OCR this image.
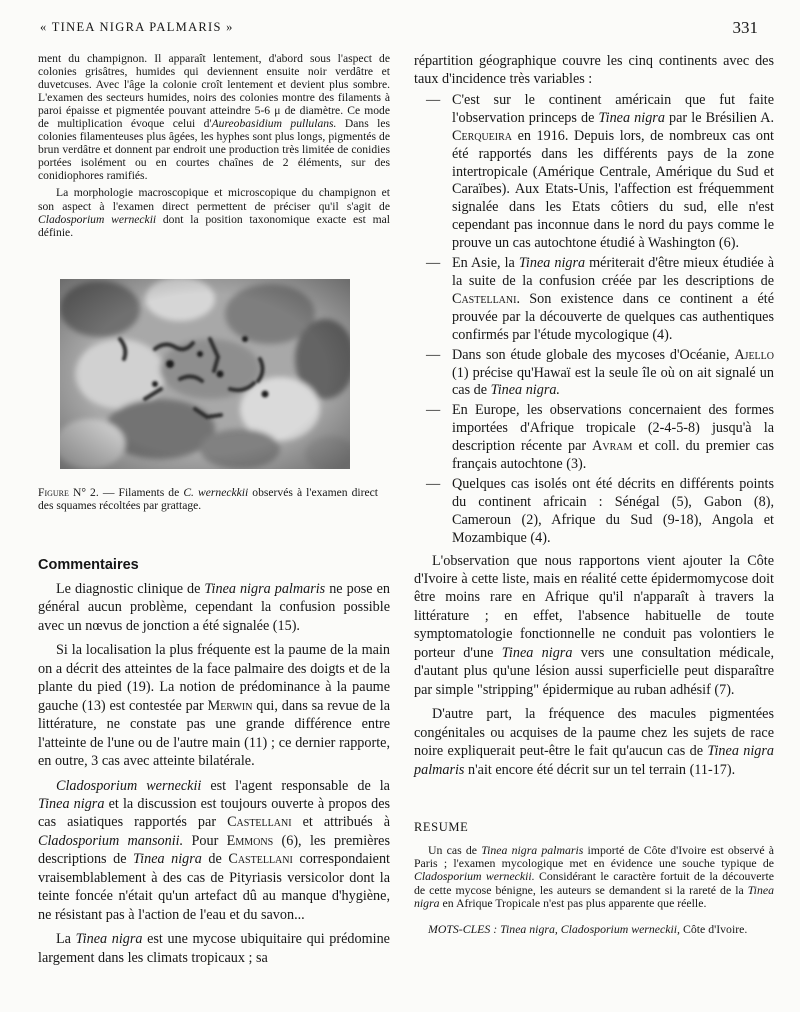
« TINEA NIGRA PALMARIS »	331

ment du champignon. Il apparaît lentement, d'abord sous l'aspect de colonies grisâtres, humides qui deviennent ensuite noir verdâtre et duvetcuses. Avec l'âge la colonie croît lentement et devient plus sombre. L'examen des secteurs humides, noirs des colonies montre des filaments à paroi épaisse et pigmentée pouvant atteindre 5-6 μ de diamètre. Ce mode de multiplication évoque celui d'Aureobasidium pullulans. Dans les colonies filamenteuses plus âgées, les hyphes sont plus longs, pigmentés de brun verdâtre et donnent par endroit une production très limitée de conidies portées isolément ou en courtes chaînes de 2 éléments, sur des conidiophores ramifiés.

La morphologie macroscopique et microscopique du champignon et son aspect à l'examen direct permettent de préciser qu'il s'agit de Cladosporium werneckii dont la position taxonomique exacte est mal définie.

Figure N° 2. — Filaments de C. werneckkii observés à l'examen direct des squames récoltées par grattage.

Commentaires

Le diagnostic clinique de Tinea nigra palmaris ne pose en général aucun problème, cependant la confusion possible avec un nœvus de jonction a été signalée (15).

Si la localisation la plus fréquente est la paume de la main on a décrit des atteintes de la face palmaire des doigts et de la plante du pied (19). La notion de prédominance à la paume gauche (13) est contestée par Merwin qui, dans sa revue de la littérature, ne constate pas une grande différence entre l'atteinte de l'une ou de l'autre main (11) ; ce dernier rapporte, en outre, 3 cas avec atteinte bilatérale.

Cladosporium werneckii est l'agent responsable de la Tinea nigra et la discussion est toujours ouverte à propos des cas asiatiques rapportés par Castellani et attribués à Cladosporium mansonii. Pour Emmons (6), les premières descriptions de Tinea nigra de Castellani correspondaient vraisemblablement à des cas de Pityriasis versicolor dont la teinte foncée n'était qu'un artefact dû au manque d'hygiène, ne résistant pas à l'action de l'eau et du savon...

La Tinea nigra est une mycose ubiquitaire qui prédomine largement dans les climats tropicaux ; sa

répartition géographique couvre les cinq continents avec des taux d'incidence très variables :

— C'est sur le continent américain que fut faite l'observation princeps de Tinea nigra par le Brésilien A. Cerqueira en 1916. Depuis lors, de nombreux cas ont été rapportés dans les différents pays de la zone intertropicale (Amérique Centrale, Amérique du Sud et Caraïbes). Aux Etats-Unis, l'affection est fréquemment signalée dans les Etats côtiers du sud, elle n'est cependant pas inconnue dans le nord du pays comme le prouve un cas autochtone étudié à Washington (6).
— En Asie, la Tinea nigra mériterait d'être mieux étudiée à la suite de la confusion créée par les descriptions de Castellani. Son existence dans ce continent a été prouvée par la découverte de quelques cas authentiques confirmés par l'étude mycologique (4).
— Dans son étude globale des mycoses d'Océanie, Ajello (1) précise qu'Hawaï est la seule île où on ait signalé un cas de Tinea nigra.
— En Europe, les observations concernaient des formes importées d'Afrique tropicale (2-4-5-8) jusqu'à la description récente par Avram et coll. du premier cas français autochtone (3).
— Quelques cas isolés ont été décrits en différents points du continent africain : Sénégal (5), Gabon (8), Cameroun (2), Afrique du Sud (9-18), Angola et Mozambique (4).

L'observation que nous rapportons vient ajouter la Côte d'Ivoire à cette liste, mais en réalité cette épidermomycose doit être moins rare en Afrique qu'il n'apparaît à travers la littérature ; en effet, l'absence habituelle de toute symptomatologie fonctionnelle ne conduit pas volontiers le porteur d'une Tinea nigra vers une consultation médicale, d'autant plus qu'une lésion aussi superficielle peut disparaître par simple "stripping" épidermique au ruban adhésif (7).

D'autre part, la fréquence des macules pigmentées congénitales ou acquises de la paume chez les sujets de race noire expliquerait peut-être le fait qu'aucun cas de Tinea nigra palmaris n'ait encore été décrit sur un tel terrain (11-17).

RESUME

Un cas de Tinea nigra palmaris importé de Côte d'Ivoire est observé à Paris ; l'examen mycologique met en évidence une souche typique de Cladosporium werneckii. Considérant le caractère fortuit de la découverte de cette mycose bénigne, les auteurs se demandent si la rareté de la Tinea nigra en Afrique Tropicale n'est pas plus apparente que réelle.

MOTS-CLES : Tinea nigra, Cladosporium werneckii, Côte d'Ivoire.
